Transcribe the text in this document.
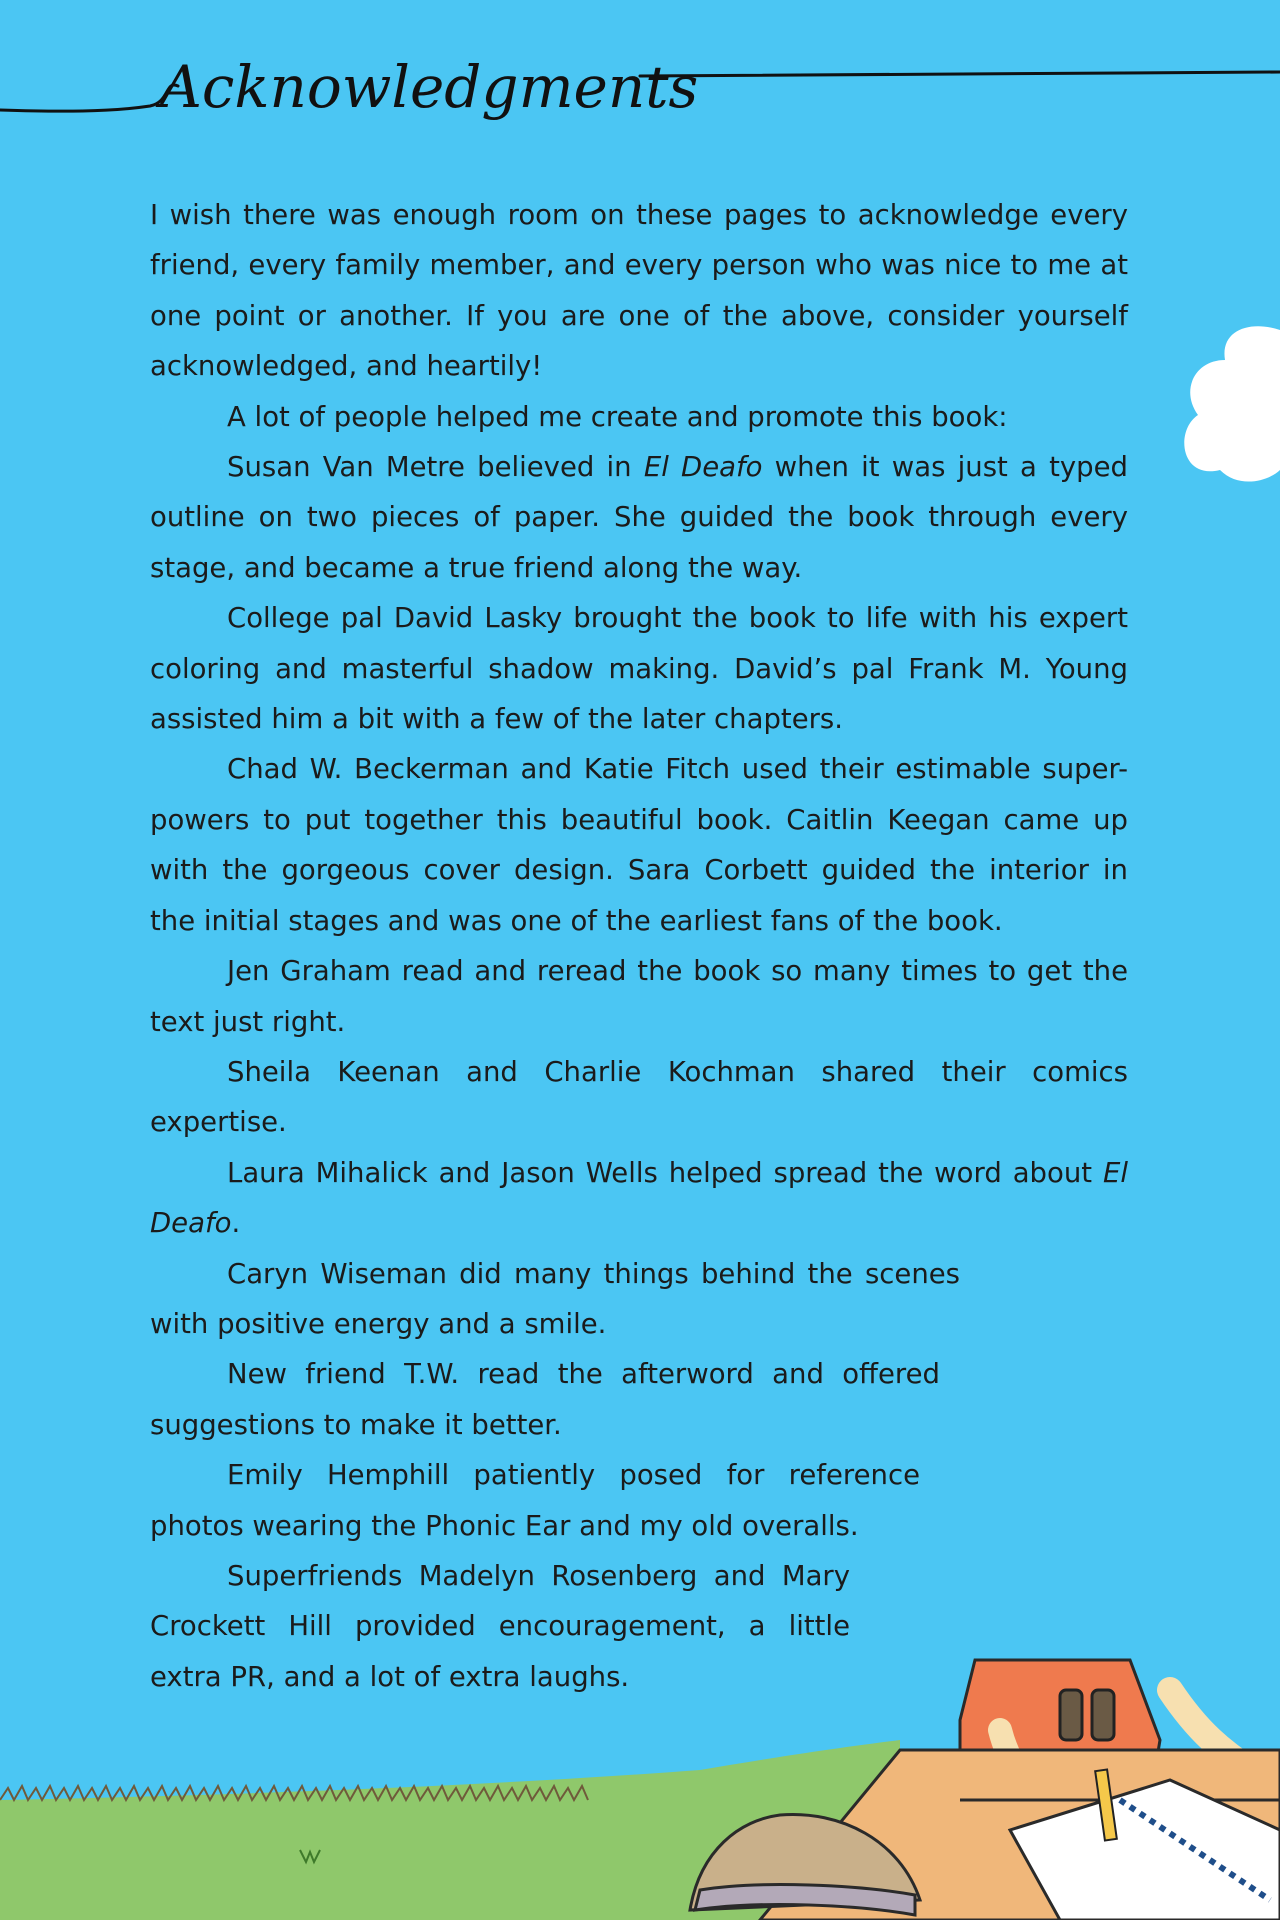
Acknowledgments

I wish there was enough room on these pages to acknowledge every friend, every family member, and every person who was nice to me at one point or another. If you are one of the above, consider yourself acknowledged, and heartily!

A lot of people helped me create and promote this book:

Susan Van Metre believed in El Deafo when it was just a typed outline on two pieces of paper. She guided the book through every stage, and became a true friend along the way.

College pal David Lasky brought the book to life with his expert coloring and masterful shadow making. David’s pal Frank M. Young assisted him a bit with a few of the later chapters.

Chad W. Beckerman and Katie Fitch used their estimable super-powers to put together this beautiful book. Caitlin Keegan came up with the gorgeous cover design. Sara Corbett guided the interior in the initial stages and was one of the earliest fans of the book.

Jen Graham read and reread the book so many times to get the text just right.

Sheila Keenan and Charlie Kochman shared their comics expertise.

Laura Mihalick and Jason Wells helped spread the word about El Deafo.

Caryn Wiseman did many things behind the scenes with positive energy and a smile.

New friend T.W. read the afterword and offered suggestions to make it better.

Emily Hemphill patiently posed for reference photos wearing the Phonic Ear and my old overalls.

Superfriends Madelyn Rosenberg and Mary Crockett Hill provided encouragement, a little extra PR, and a lot of extra laughs.
